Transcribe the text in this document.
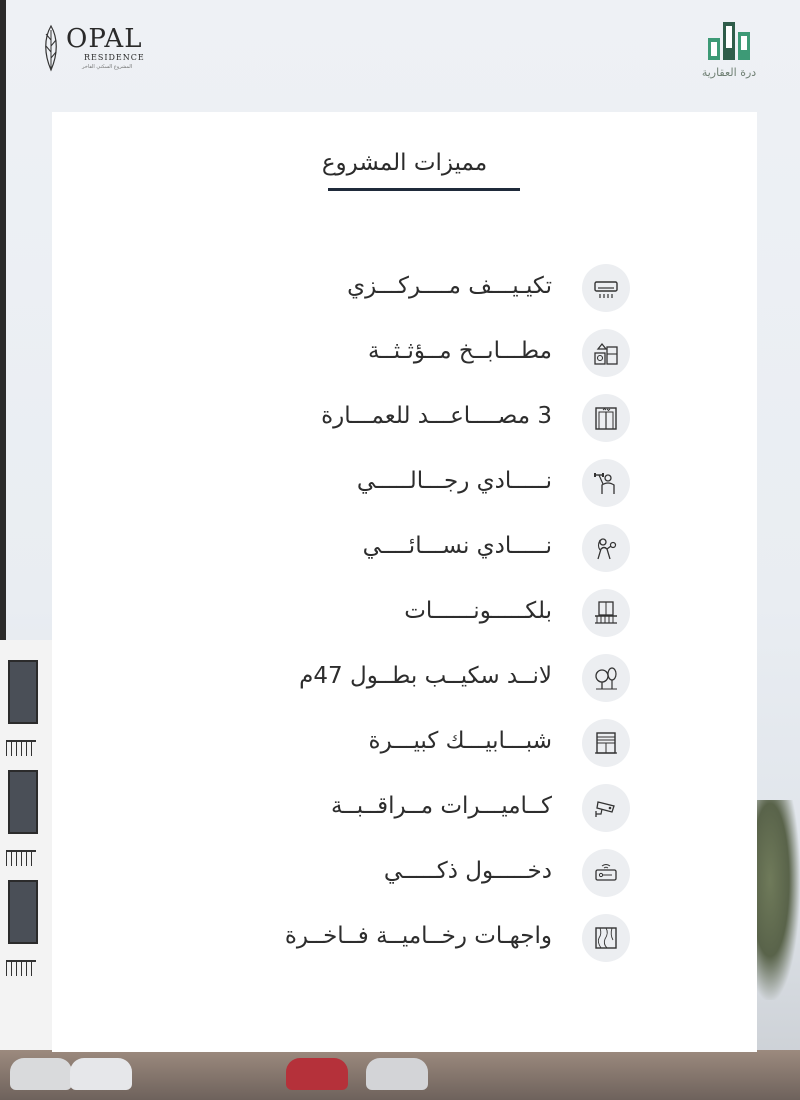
OPAL
RESIDENCE
المشروع السكني الفاخر	درة العقارية
مميزات المشروع
تكيـيـــف مــــركـــزي
مطـــابــخ مــؤثـثــة
3 مصــــاعـــد للعمـــارة
نـــــادي رجـــالـــــي
نـــــادي نســـائــــي
بلكـــــونــــــات
لانــد سكيــب بطــول 47م
شبـــابيـــك كبيـــرة
كــاميـــرات مــراقــبــة
دخـــــول ذكـــــي
واجهـات رخــاميــة فــاخــرة
